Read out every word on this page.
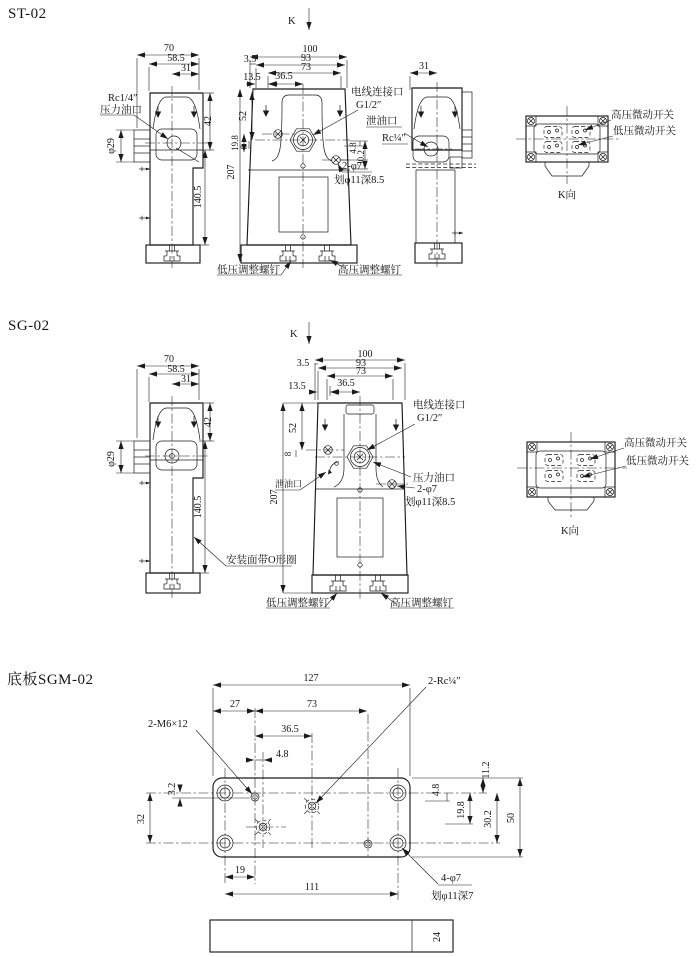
ST-02	K
70
58.5
31
42
φ29
140.5
Rc1/4″
压力油口
100
93
73
3.5
13.5 36.5
52
19.8 8
207
4.8
30.2
电线连接口
G1/2″
低压调整螺钉	高压调整螺钉
31
泄油口
Rc¼″
2-φ7
划φ11深8.5
高压微动开关
低压微动开关
K向
SG-02
K
70
58.5
31
42
φ29
140.5
安装面带O形圈
100
93
73
3.5
13.5	36.5
52
8
207
泄油口
电线连接口
G1/2″
压力油口
2-φ7
划φ11深8.5
低压调整螺钉	高压调整螺钉
高压微动开关
低压微动开关
K向
底板SGM-02	127
27	73
36.5
4.8
3.2
32
19
111
11.2
4.8
19.8
30.2 50
2-M6×12
2-Rc¼″
4-φ7
划φ11深7
24
